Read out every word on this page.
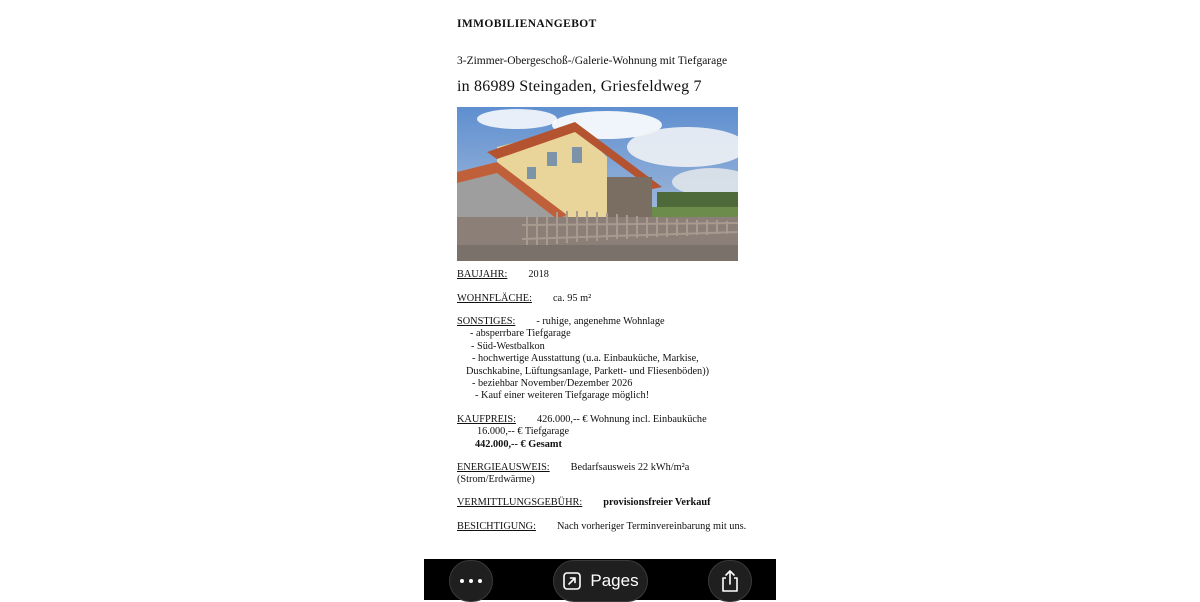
IMMOBILIENANGEBOT
3-Zimmer-Obergeschoß-/Galerie-Wohnung mit Tiefgarage
in 86989 Steingaden, Griesfeldweg 7
BAUJAHR: 2018
WOHNFLÄCHE: ca. 95 m²
SONSTIGES: - ruhige, angenehme Wohnlage
- absperrbare Tiefgarage
- Süd-Westbalkon
- hochwertige Ausstattung (u.a. Einbauküche, Markise,
Duschkabine, Lüftungsanlage, Parkett- und Fliesenböden))
- beziehbar November/Dezember 2026
- Kauf einer weiteren Tiefgarage möglich!
KAUFPREIS: 426.000,-- € Wohnung incl. Einbauküche
16.000,-- € Tiefgarage
442.000,-- € Gesamt
ENERGIEAUSWEIS: Bedarfsausweis 22 kWh/m²a
(Strom/Erdwärme)
VERMITTLUNGSGEBÜHR: provisionsfreier Verkauf
BESICHTIGUNG: Nach vorheriger Terminvereinbarung mit uns.
Pages
